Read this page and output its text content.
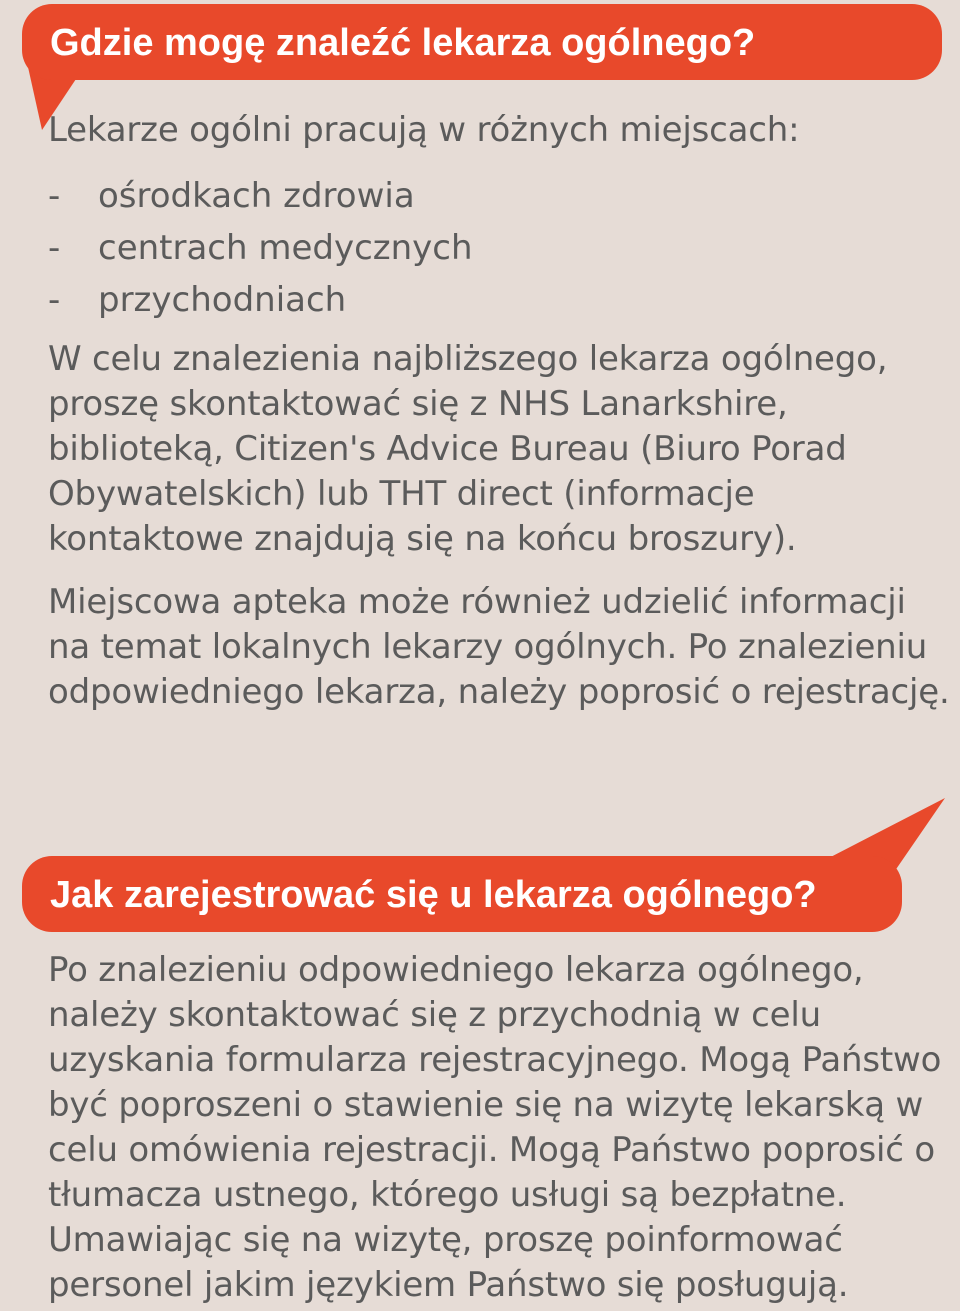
Gdzie mogę znaleźć lekarza ogólnego?

Lekarze ogólni pracują w różnych miejscach:

-	ośrodkach zdrowia
-	centrach medycznych
-	przychodniach

W celu znalezienia najbliższego lekarza ogólnego, proszę skontaktować się z NHS Lanarkshire, biblioteką, Citizen's Advice Bureau (Biuro Porad Obywatelskich) lub THT direct (informacje kontaktowe znajdują się na końcu broszury).

Miejscowa apteka może również udzielić informacji na temat lokalnych lekarzy ogólnych. Po znalezieniu odpowiedniego lekarza, należy poprosić o rejestrację.

Jak zarejestrować się u lekarza ogólnego?

Po znalezieniu odpowiedniego lekarza ogólnego, należy skontaktować się z przychodnią w celu uzyskania formularza rejestracyjnego. Mogą Państwo być poproszeni o stawienie się na wizytę lekarską w celu omówienia rejestracji. Mogą Państwo poprosić o tłumacza ustnego, którego usługi są bezpłatne. Umawiając się na wizytę, proszę poinformować personel jakim językiem Państwo się posługują.
